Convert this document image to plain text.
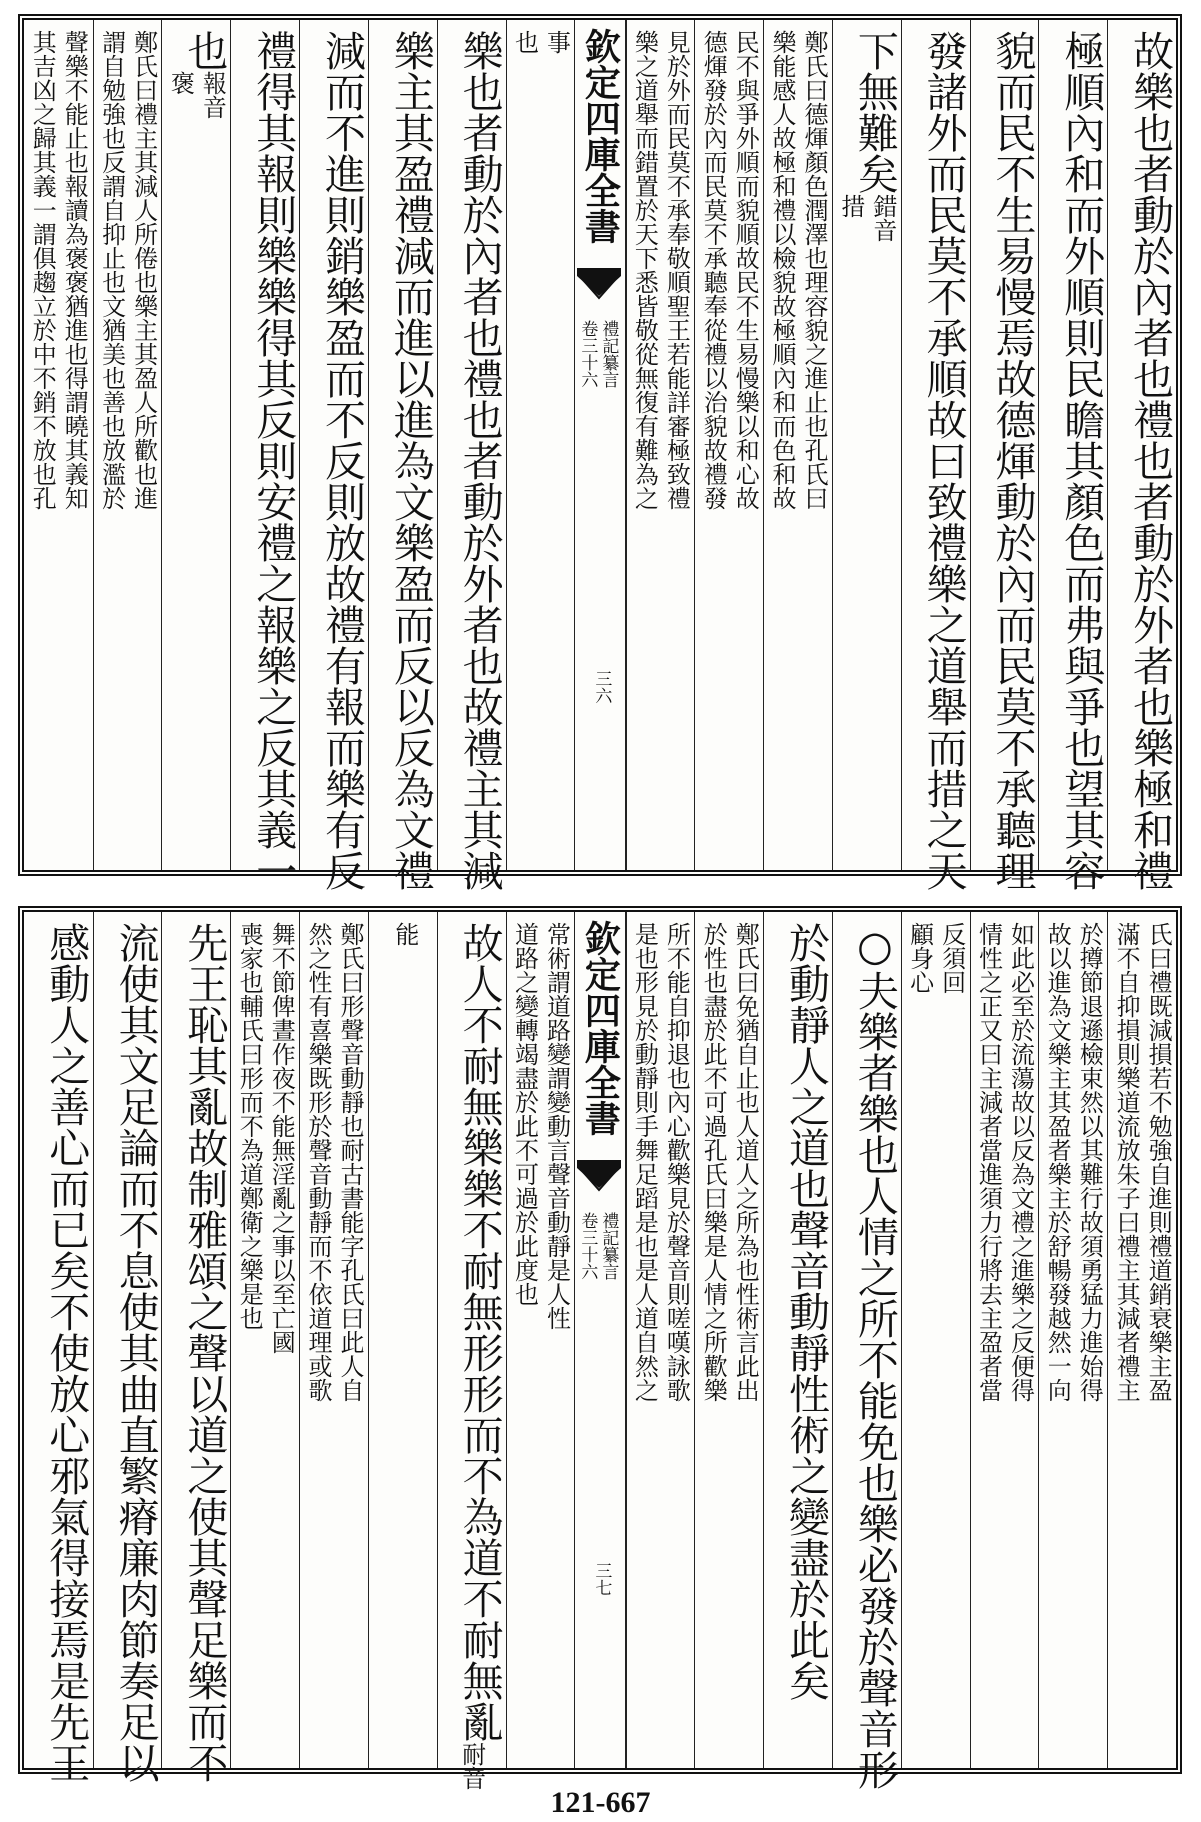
故樂也者動於內者也禮也者動於外者也樂極和禮
極順內和而外順則民瞻其顏色而弗與爭也望其容
貌而民不生易慢焉故德煇動於內而民莫不承聽理
發諸外而民莫不承順故曰致禮樂之道舉而措之天
下無難矣
錯音
措
鄭氏曰德煇顏色潤澤也理容貌之進止也孔氏曰
樂能感人故極和禮以檢貌故極順內和而色和故
民不與爭外順而貌順故民不生易慢樂以和心故
德煇發於內而民莫不承聽奉從禮以治貌故禮發
見於外而民莫不承奉敬順聖王若能詳審極致禮
樂之道舉而錯置於天下悉皆敬從無復有難為之
欽定四庫全書
禮記纂言
卷三十六
三六
事
也
樂也者動於內者也禮也者動於外者也故禮主其減
樂主其盈禮減而進以進為文樂盈而反以反為文禮
減而不進則銷樂盈而不反則放故禮有報而樂有反
禮得其報則樂樂得其反則安禮之報樂之反其義一
也
報音
褒
鄭氏曰禮主其減人所倦也樂主其盈人所歡也進
謂自勉強也反謂自抑止也文猶美也善也放濫於
聲樂不能止也報讀為褒褒猶進也得謂曉其義知
其吉凶之歸其義一謂俱趨立於中不銷不放也孔
氏曰禮既減損若不勉強自進則禮道銷衰樂主盈
滿不自抑損則樂道流放朱子曰禮主其減者禮主
於撙節退遜檢束然以其難行故須勇猛力進始得
故以進為文樂主其盈者樂主於舒暢發越然一向
如此必至於流蕩故以反為文禮之進樂之反便得
情性之正又曰主減者當進須力行將去主盈者當
反須回
顧身心
○夫樂者樂也人情之所不能免也樂必發於聲音形
於動靜人之道也聲音動靜性術之變盡於此矣
鄭氏曰免猶自止也人道人之所為也性術言此出
於性也盡於此不可過孔氏曰樂是人情之所歡樂
所不能自抑退也內心歡樂見於聲音則嗟嘆詠歌
是也形見於動靜則手舞足蹈是也是人道自然之
欽定四庫全書
禮記纂言
卷三十六
三七
常術謂道路變謂變動言聲音動靜是人性
道路之變轉竭盡於此不可過於此度也
故人不耐無樂樂不耐無形形而不為道不耐無亂
耐音
能
鄭氏曰形聲音動靜也耐古書能字孔氏曰此人自
然之性有喜樂既形於聲音動靜而不依道理或歌
舞不節俾晝作夜不能無淫亂之事以至亡國
喪家也輔氏曰形而不為道鄭衛之樂是也
先王恥其亂故制雅頌之聲以道之使其聲足樂而不
流使其文足論而不息使其曲直繁瘠廉肉節奏足以
感動人之善心而已矣不使放心邪氣得接焉是先王
121-667
